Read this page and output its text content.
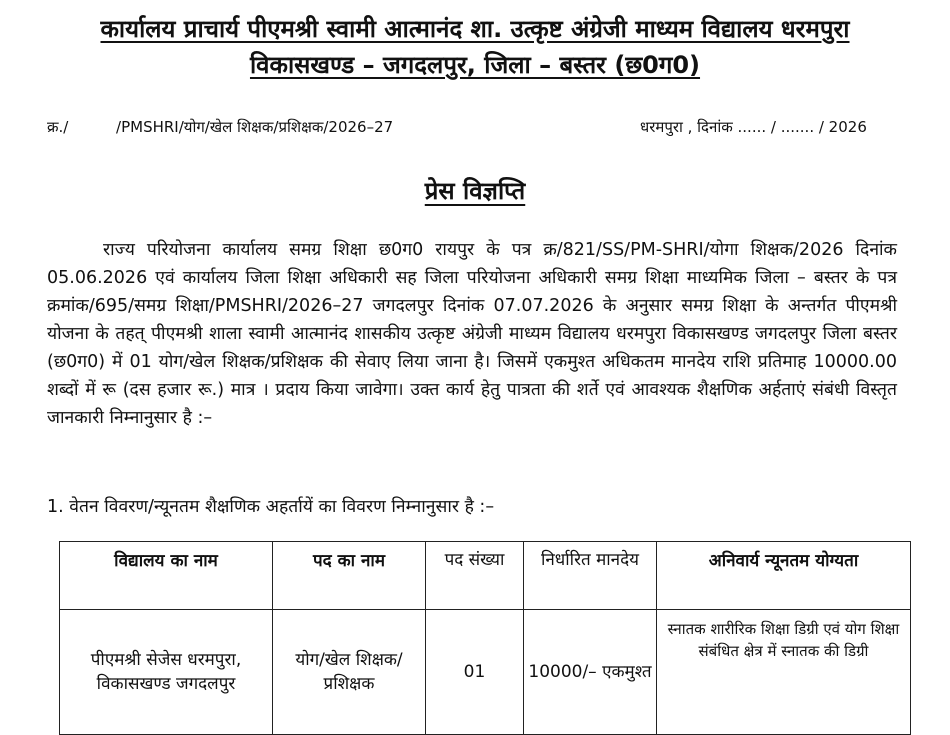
कार्यालय प्राचार्य पीएमश्री स्वामी आत्मानंद शा. उत्कृष्ट अंग्रेजी माध्यम विद्यालय धरमपुरा
विकासखण्ड – जगदलपुर, जिला – बस्तर (छ0ग0)
क्र./          /PMSHRI/योग/खेल शिक्षक/प्रशिक्षक/2026–27	धरमपुरा , दिनांक ...... / ....... / 2026
प्रेस विज्ञप्ति
राज्य परियोजना कार्यालय समग्र शिक्षा छ0ग0 रायपुर के पत्र क्र/821/SS/PM-SHRI/योगा शिक्षक/2026 दिनांक 05.06.2026 एवं कार्यालय जिला शिक्षा अधिकारी सह जिला परियोजना अधिकारी समग्र शिक्षा माध्यमिक जिला – बस्तर के पत्र क्रमांक/695/समग्र शिक्षा/PMSHRI/2026–27 जगदलपुर दिनांक 07.07.2026 के अनुसार समग्र शिक्षा के अन्तर्गत पीएमश्री योजना के तहत् पीएमश्री शाला स्वामी आत्मानंद शासकीय उत्कृष्ट अंग्रेजी माध्यम विद्यालय धरमपुरा विकासखण्ड जगदलपुर जिला बस्तर (छ0ग0) में 01 योग/खेल शिक्षक/प्रशिक्षक की सेवाए लिया जाना है। जिसमें एकमुश्त अधिकतम मानदेय राशि प्रतिमाह 10000.00 शब्दों में रू (दस हजार रू.) मात्र । प्रदाय किया जावेगा। उक्त कार्य हेतु पात्रता की शर्ते एवं आवश्यक शैक्षणिक अर्हताएं संबंधी विस्तृत जानकारी निम्नानुसार है :–
1. वेतन विवरण/न्यूनतम शैक्षणिक अहर्तायें का विवरण निम्नानुसार है :–
विद्यालय का नाम	पद का नाम	पद संख्या	निर्धारित मानदेय	अनिवार्य न्यूनतम योग्यता
पीएमश्री सेजेस धरमपुरा, विकासखण्ड जगदलपुर	योग/खेल शिक्षक/प्रशिक्षक	01	10000/– एकमुश्त	स्नातक शारीरिक शिक्षा डिग्री एवं योग शिक्षा संबंधित क्षेत्र में स्नातक की डिग्री
